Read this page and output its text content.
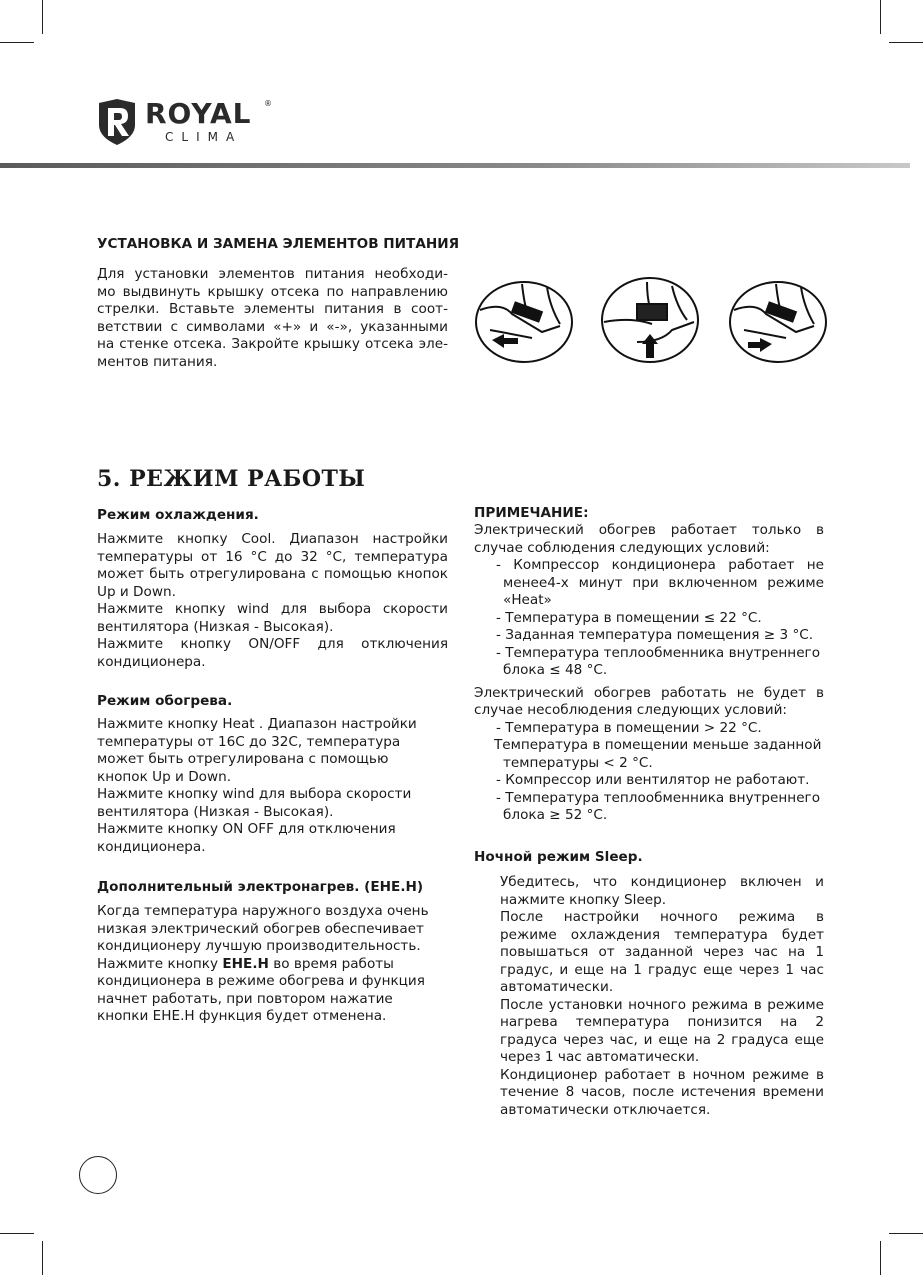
ROYAL ®
CLIMA
УСТАНОВКА И ЗАМЕНА ЭЛЕМЕНТОВ ПИТАНИЯ
Для установки элементов питания необходи-
мо выдвинуть крышку отсека по направлению
стрелки. Вставьте элементы питания в соот-
ветствии с символами «+» и «-», указанными
на стенке отсека. Закройте крышку отсека эле-
ментов питания.
5. РЕЖИМ РАБОТЫ
Режим охлаждения.
Нажмите кнопку Cool. Диапазон настройки
температуры от 16 °C до 32 °C, температура
может быть отрегулирована с помощью кнопок
Up и Down.
Нажмите кнопку wind для выбора скорости
вентилятора (Низкая - Высокая).
Нажмите кнопку ON/OFF для отключения
кондиционера.
Режим обогрева.
Нажмите кнопку Heat . Диапазон настройки
температуры от 16С до 32С, температура
может быть отрегулирована с помощью
кнопок Up и Down.
Нажмите кнопку wind для выбора скорости
вентилятора (Низкая - Высокая).
Нажмите кнопку ON OFF для отключения
кондиционера.
Дополнительный электронагрев. (EHE.H)
Когда температура наружного воздуха очень
низкая электрический обогрев обеспечивает
кондиционеру лучшую производительность.
Нажмите кнопку EHE.H во время работы
кондиционера в режиме обогрева и функция
начнет работать, при повтором нажатие
кнопки EHE.H функция будет отменена.
ПРИМЕЧАНИЕ:
Электрический обогрев работает только в
случае соблюдения следующих условий:
- Компрессор кондиционера работает не
менее4-х минут при включенном режиме
«Heat»
- Температура в помещении ≤ 22 °C.
- Заданная температура помещения ≥ 3 °C.
- Температура теплообменника внутреннего
блока ≤ 48 °C.
Электрический обогрев работать не будет в
случае несоблюдения следующих условий:
- Температура в помещении > 22 °C.
Температура в помещении меньше заданной
температуры < 2 °C.
- Компрессор или вентилятор не работают.
- Температура теплообменника внутреннего
блока ≥ 52 °C.
Ночной режим Sleep.
Убедитесь, что кондиционер включен и
нажмите кнопку Sleep.
После настройки ночного режима в
режиме охлаждения температура будет
повышаться от заданной через час на 1
градус, и еще на 1 градус еще через 1 час
автоматически.
После установки ночного режима в режиме
нагрева температура понизится на 2
градуса через час, и еще на 2 градуса еще
через 1 час автоматически.
Кондиционер работает в ночном режиме в
течение 8 часов, после истечения времени
автоматически отключается.
